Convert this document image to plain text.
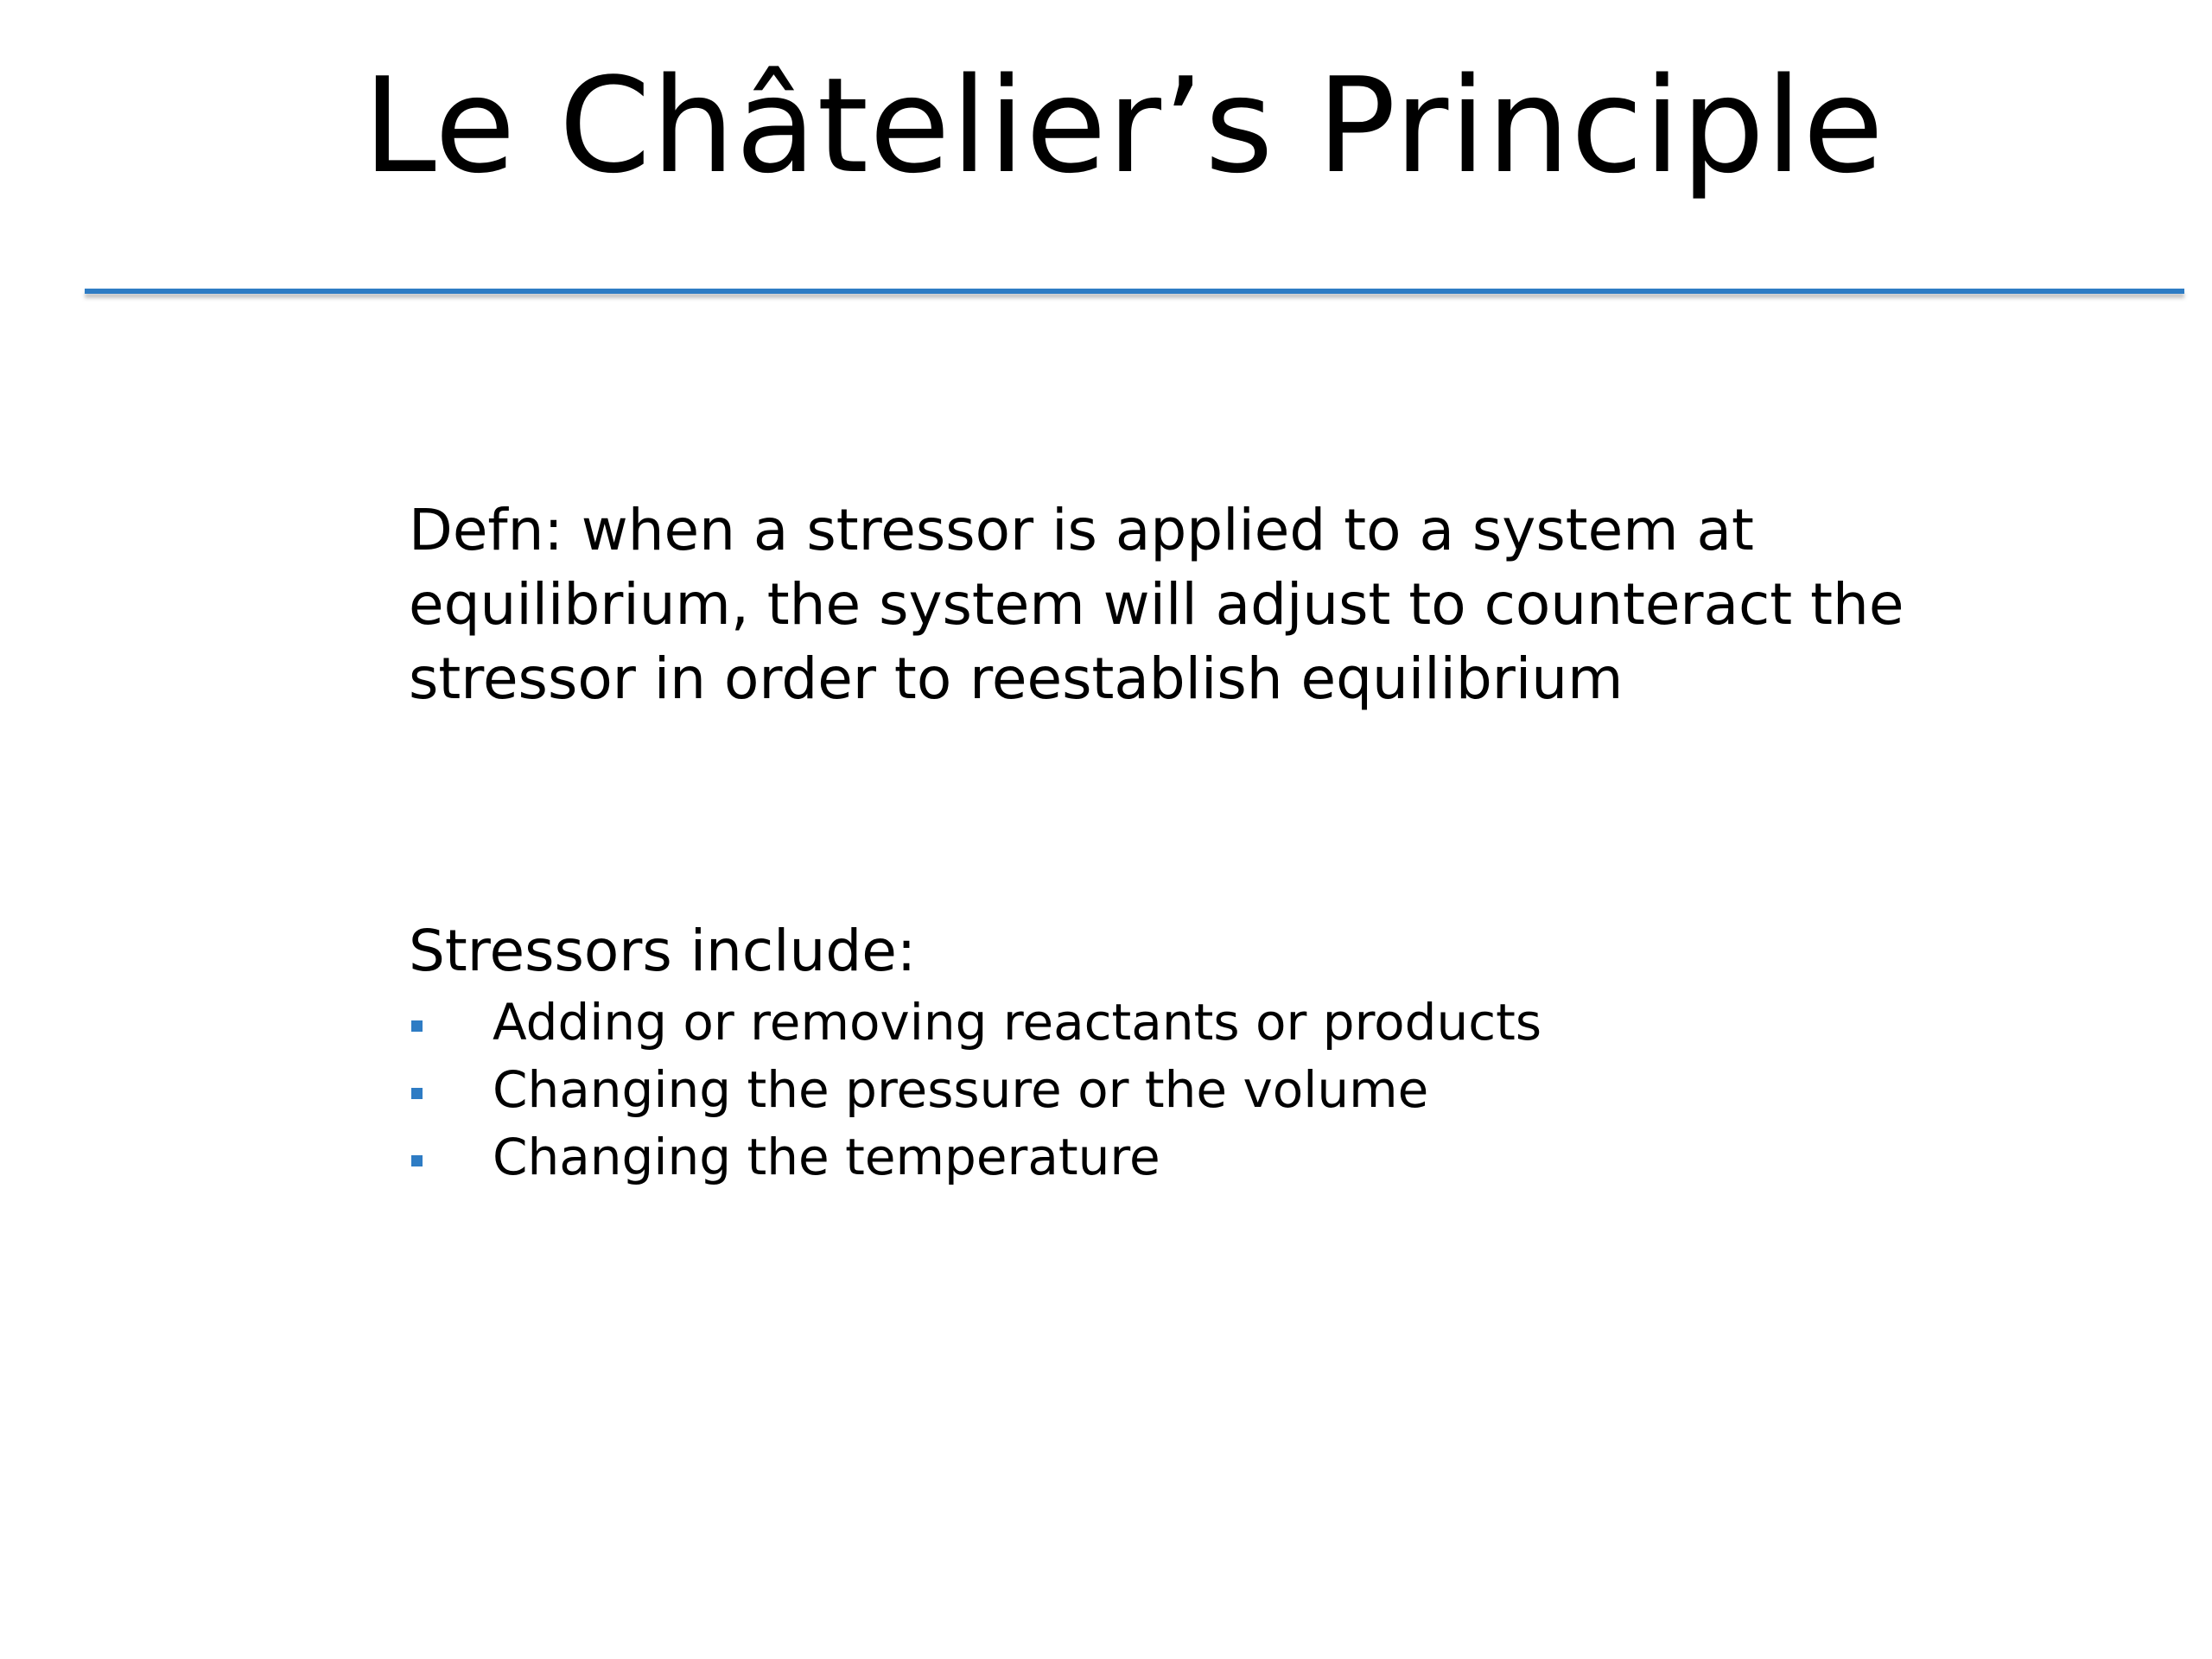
Le Châtelier’s Principle

Defn: when a stressor is applied to a system at equilibrium, the system will adjust to counteract the stressor in order to reestablish equilibrium

Stressors include:

Adding or removing reactants or products
Changing the pressure or the volume
Changing the temperature
